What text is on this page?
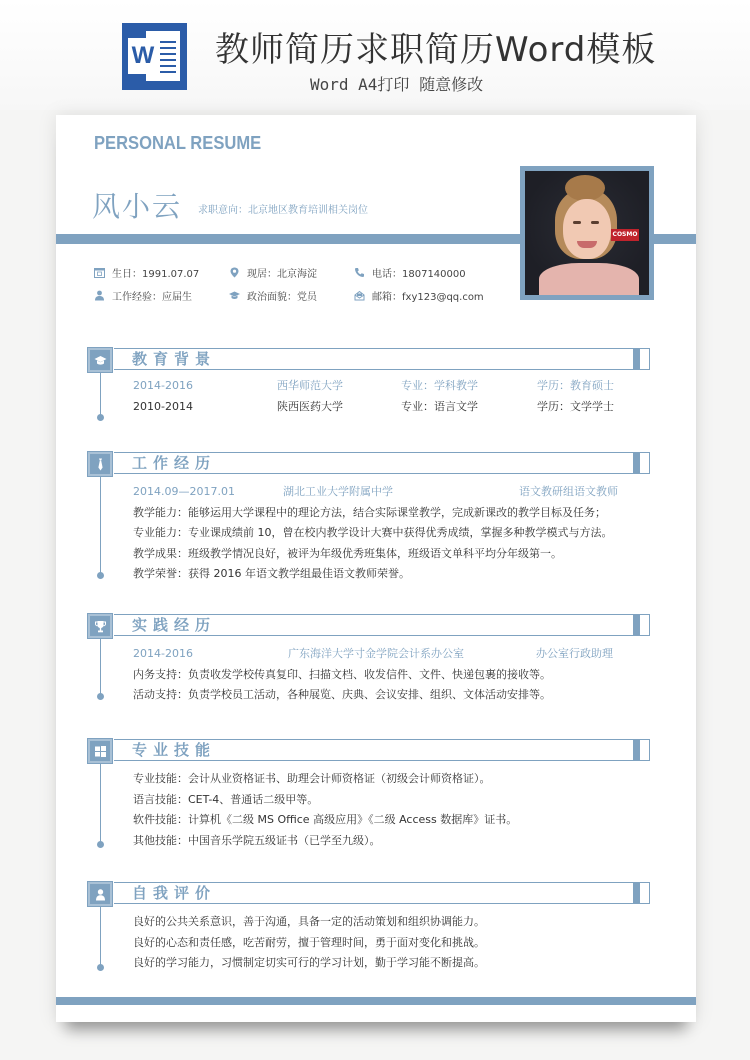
W 教师简历求职简历Word模板
Word A4打印 随意修改
PERSONAL RESUME
风小云 求职意向：北京地区教育培训相关岗位
COSMO
生日：1991.07.07	现居：北京海淀	电话：1807140000
工作经验：应届生	政治面貌：党员	邮箱：fxy123@qq.com
教育背景
2014-2016	西华师范大学	专业：学科教学	学历：教育硕士
2010-2014	陕西医药大学	专业：语言文学	学历：文学学士
工作经历
2014.09—2017.01	湖北工业大学附属中学	语文教研组语文教师
教学能力：能够运用大学课程中的理论方法，结合实际课堂教学，完成新课改的教学目标及任务；
专业能力：专业课成绩前 10，曾在校内教学设计大赛中获得优秀成绩，掌握多种教学模式与方法。
教学成果：班级教学情况良好，被评为年级优秀班集体，班级语文单科平均分年级第一。
教学荣誉：获得 2016 年语文教学组最佳语文教师荣誉。
实践经历
2014-2016	广东海洋大学寸金学院会计系办公室	办公室行政助理
内务支持：负责收发学校传真复印、扫描文档、收发信件、文件、快递包裹的接收等。
活动支持：负责学校员工活动，各种展览、庆典、会议安排、组织、文体活动安排等。
专业技能
专业技能：会计从业资格证书、助理会计师资格证（初级会计师资格证）。
语言技能：CET-4、普通话二级甲等。
软件技能：计算机《二级 MS Office 高级应用》《二级 Access 数据库》证书。
其他技能：中国音乐学院五级证书（已学至九级）。
自我评价
良好的公共关系意识，善于沟通，具备一定的活动策划和组织协调能力。
良好的心态和责任感，吃苦耐劳，擅于管理时间，勇于面对变化和挑战。
良好的学习能力，习惯制定切实可行的学习计划，勤于学习能不断提高。
